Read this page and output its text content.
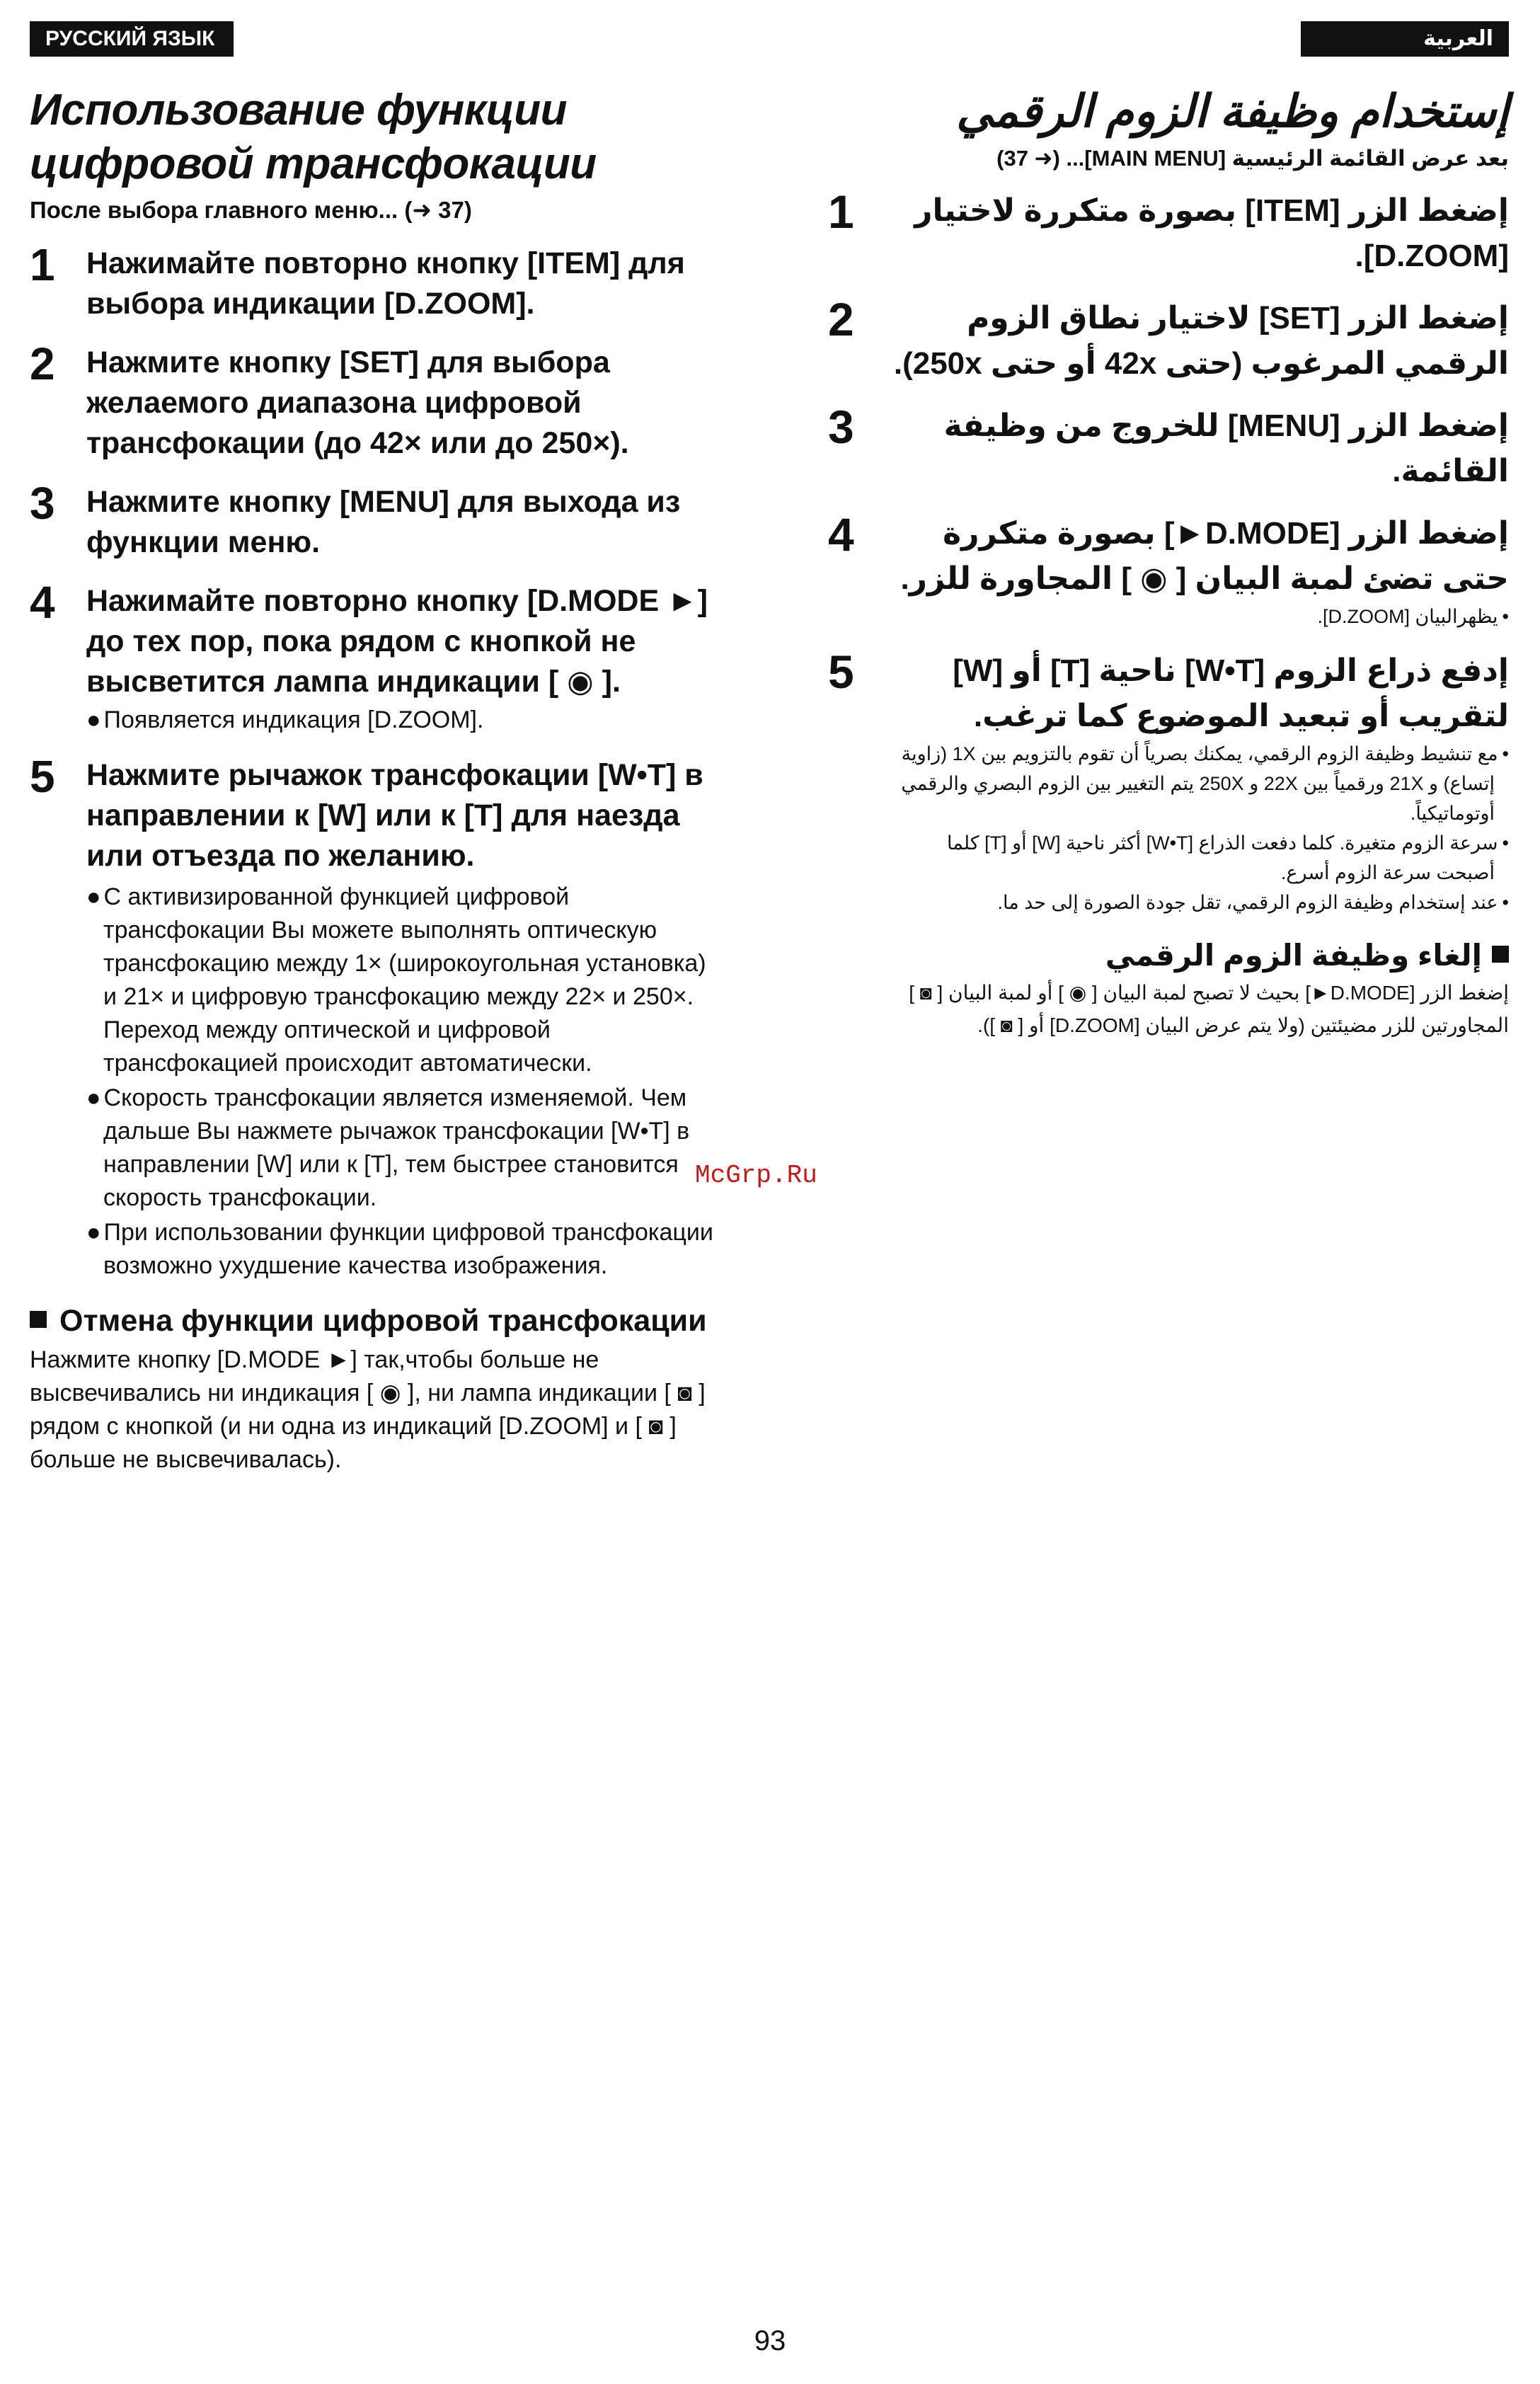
РУССКИЙ ЯЗЫК	العربية
Использование функции цифровой трансфокации
После выбора главного меню... (➜ 37)
1	Нажимайте повторно кнопку [ITEM] для выбора индикации [D.ZOOM].
2	Нажмите кнопку [SET] для выбора желаемого диапазона цифровой трансфокации (до 42× или до 250×).
3	Нажмите кнопку [MENU] для выхода из функции меню.
4	Нажимайте повторно кнопку [D.MODE ►] до тех пор, пока рядом с кнопкой не высветится лампа индикации [ ◉ ].
● Появляется индикация [D.ZOOM].
5	Нажмите рычажок трансфокации [W•T] в направлении к [W] или к [T] для наезда или отъезда по желанию.
● С активизированной функцией цифровой трансфокации Вы можете выполнять оптическую трансфокацию между 1× (широкоугольная установка) и 21× и цифровую трансфокацию между 22× и 250×. Переход между оптической и цифровой трансфокацией происходит автоматически.
● Скорость трансфокации является изменяемой. Чем дальше Вы нажмете рычажок трансфокации [W•T] в направлении [W] или к [T], тем быстрее становится скорость трансфокации.
● При использовании функции цифровой трансфокации возможно ухудшение качества изображения.
Отмена функции цифровой трансфокации
Нажмите кнопку [D.MODE ►] так,чтобы больше не высвечивались ни индикация [ ◉ ], ни лампа индикации [ ◙ ] рядом с кнопкой (и ни одна из индикаций [D.ZOOM] и [ ◙ ] больше не высвечивалась).
إستخدام وظيفة الزوم الرقمي
بعد عرض القائمة الرئيسية [MAIN MENU]... (➜ 37)
1	إضغط الزر [ITEM] بصورة متكررة لاختيار [D.ZOOM].
2	إضغط الزر [SET] لاختيار نطاق الزوم الرقمي المرغوب (حتى 42x أو حتى 250x).
3	إضغط الزر [MENU] للخروج من وظيفة القائمة.
4	إضغط الزر [D.MODE►] بصورة متكررة حتى تضئ لمبة البيان [ ◉ ] المجاورة للزر.
•يظهرالبيان [D.ZOOM].
5	إدفع ذراع الزوم [W•T] ناحية [T] أو [W] لتقريب أو تبعيد الموضوع كما ترغب.
•مع تنشيط وظيفة الزوم الرقمي، يمكنك بصرياً أن تقوم بالتزويم بين 1X (زاوية إتساع) و 21X ورقمياً بين 22X و 250X يتم التغيير بين الزوم البصري والرقمي أوتوماتيكياً.
•سرعة الزوم متغيرة. كلما دفعت الذراع [W•T] أكثر ناحية [W] أو [T] كلما أصبحت سرعة الزوم أسرع.
•عند إستخدام وظيفة الزوم الرقمي، تقل جودة الصورة إلى حد ما.
إلغاء وظيفة الزوم الرقمي
إضغط الزر [D.MODE►] بحيث لا تصبح لمبة البيان [ ◉ ] أو لمبة البيان [ ◙ ] المجاورتين للزر مضيئتين (ولا يتم عرض البيان [D.ZOOM] أو [ ◙ ]).
McGrp.Ru
93
